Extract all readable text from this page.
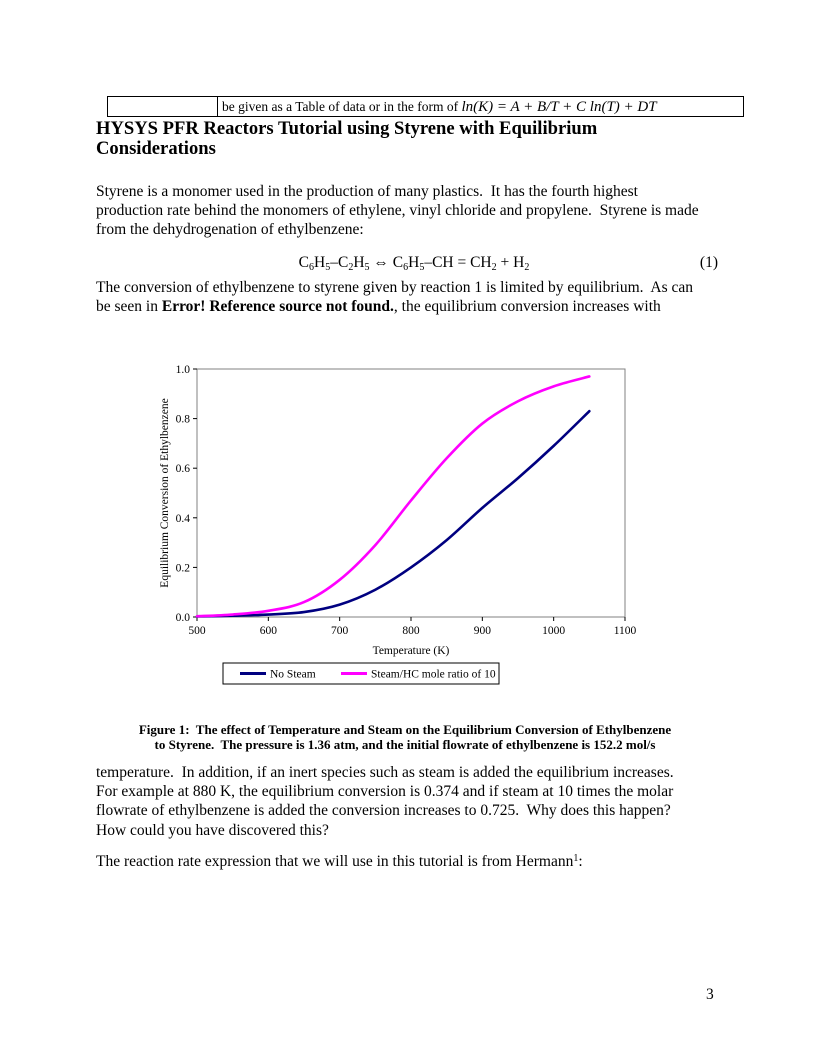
be given as a Table of data or in the form of ln(K) = A + B/T + C ln(T) + DT
HYSYS PFR Reactors Tutorial using Styrene with Equilibrium
Considerations
Styrene is a monomer used in the production of many plastics.  It has the fourth highest
production rate behind the monomers of ethylene, vinyl chloride and propylene.  Styrene is made
from the dehydrogenation of ethylbenzene:
$C_6H_5-C_2H_5$ ⇔ $C_6H_5-CH = CH_2 + H_2$	(1)
The conversion of ethylbenzene to styrene given by reaction 1 is limited by equilibrium.  As can
be seen in Error! Reference source not found., the equilibrium conversion increases with
500	600	700	800	900	1000	1100
0.0
0.2
0.4
0.6
0.8
1.0
Temperature (K)
Equilibrium Conversion of Ethylbenzene
No Steam	Steam/HC mole ratio of 10
Figure 1:  The effect of Temperature and Steam on the Equilibrium Conversion of Ethylbenzene
to Styrene.  The pressure is 1.36 atm, and the initial flowrate of ethylbenzene is 152.2 mol/s
temperature.  In addition, if an inert species such as steam is added the equilibrium increases.
For example at 880 K, the equilibrium conversion is 0.374 and if steam at 10 times the molar
flowrate of ethylbenzene is added the conversion increases to 0.725.  Why does this happen?
How could you have discovered this?
The reaction rate expression that we will use in this tutorial is from Hermann$^1$:
3
